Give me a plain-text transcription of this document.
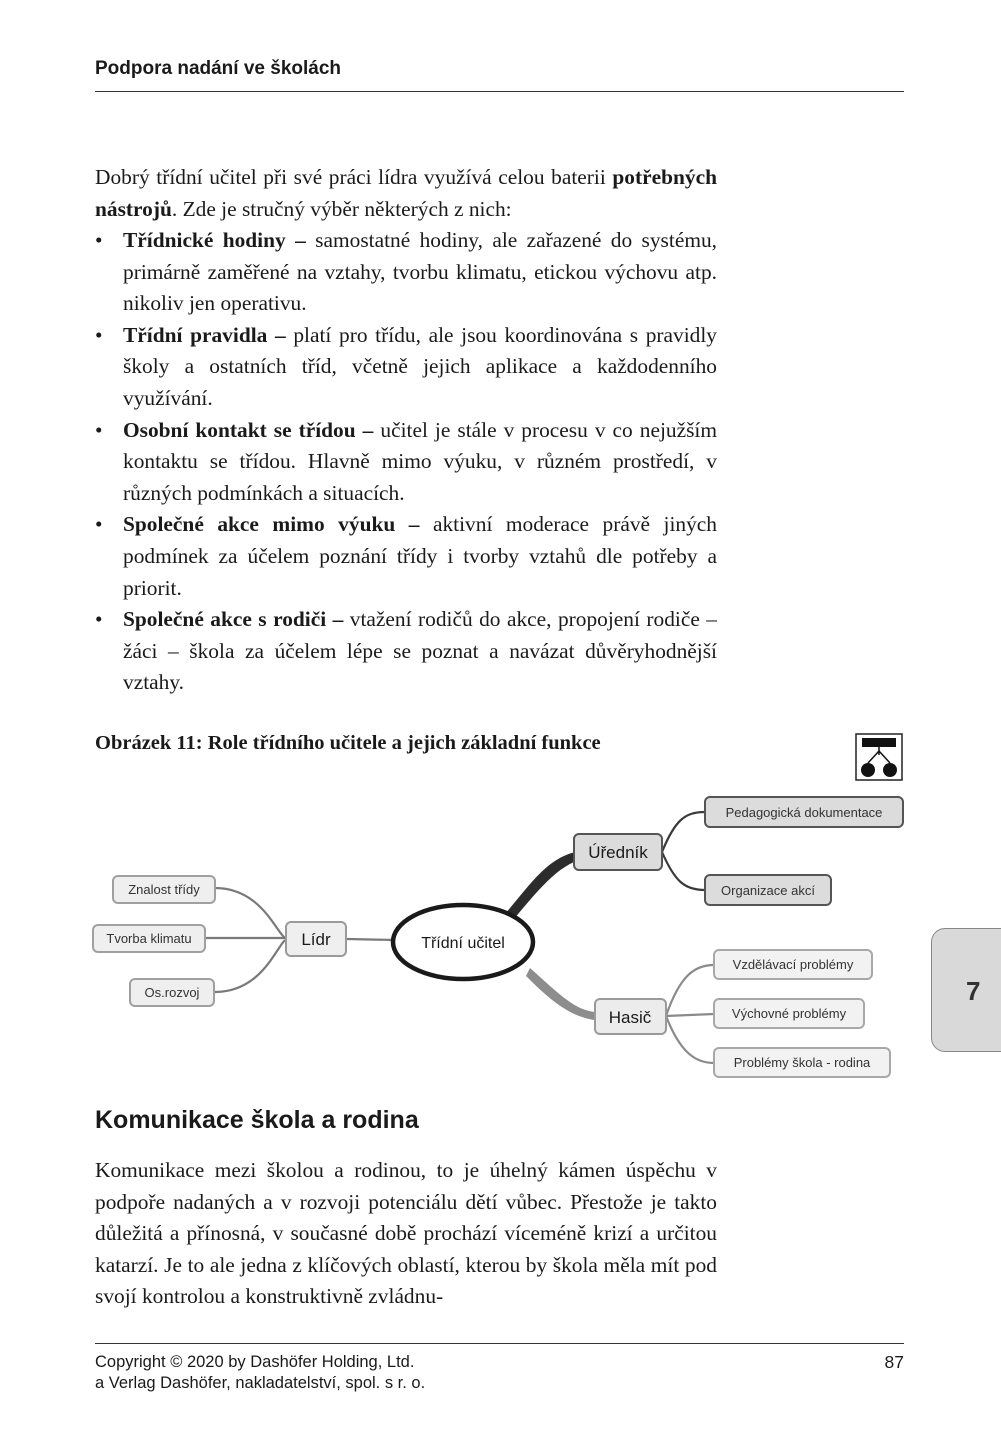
Podpora nadání ve školách

Dobrý třídní učitel při své práci lídra využívá celou baterii potřebných nástrojů. Zde je stručný výběr některých z nich:

• Třídnické hodiny – samostatné hodiny, ale zařazené do systému, primárně zaměřené na vztahy, tvorbu klimatu, etickou výchovu atp. nikoliv jen operativu.
• Třídní pravidla – platí pro třídu, ale jsou koordinována s pravidly školy a ostatních tříd, včetně jejich aplikace a každodenního využívání.
• Osobní kontakt se třídou – učitel je stále v procesu v co nejužším kontaktu se třídou. Hlavně mimo výuku, v různém prostředí, v různých podmínkách a situacích.
• Společné akce mimo výuku – aktivní moderace právě jiných podmínek za účelem poznání třídy i tvorby vztahů dle potřeby a priorit.
• Společné akce s rodiči – vtažení rodičů do akce, propojení rodiče – žáci – škola za účelem lépe se poznat a navázat důvěryhodnější vztahy.
Obrázek 11: Role třídního učitele a jejich základní funkce
Třídní učitel
Lídr
Znalost třídy
Tvorba klimatu
Os.rozvoj
Úředník
Pedagogická dokumentace
Organizace akcí
Hasič
Vzdělávací problémy
Výchovné problémy
Problémy škola - rodina
7
Komunikace škola a rodina

Komunikace mezi školou a rodinou, to je úhelný kámen úspěchu v podpoře nadaných a v rozvoji potenciálu dětí vůbec. Přestože je takto důležitá a přínosná, v současné době prochází víceméně krizí a určitou katarzí. Je to ale jedna z klíčových oblastí, kterou by škola měla mít pod svojí kontrolou a konstruktivně zvládnu-

Copyright © 2020 by Dashöfer Holding, Ltd.
a Verlag Dashöfer, nakladatelství, spol. s r. o.
87
